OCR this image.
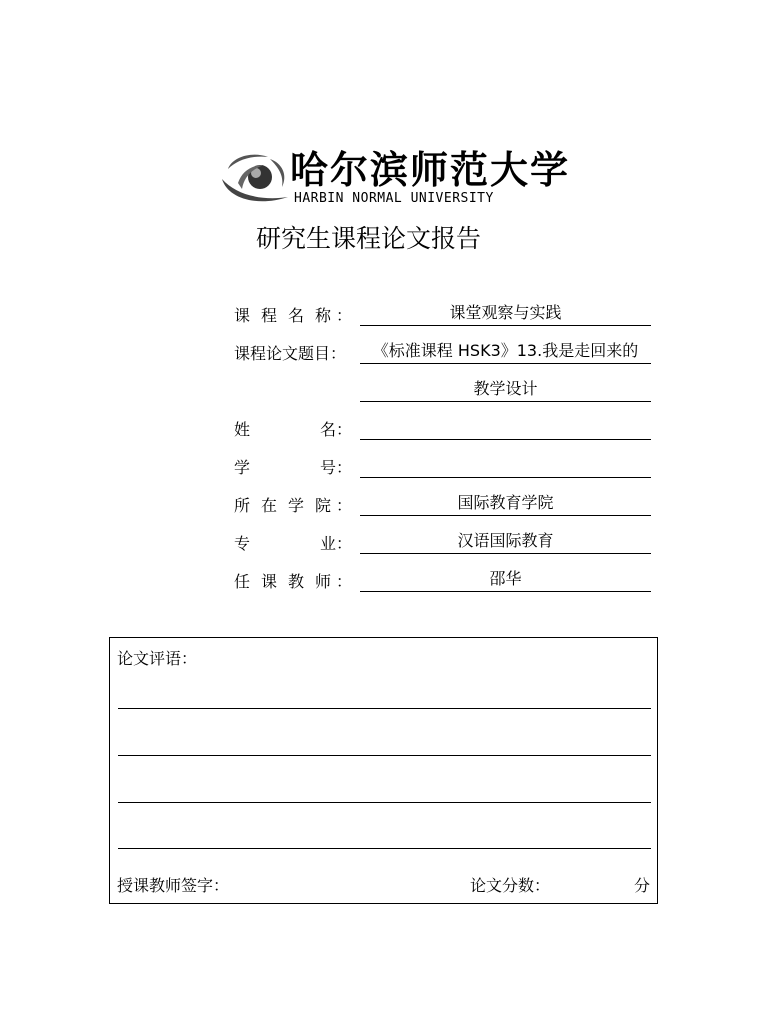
哈尔滨师范大学
HARBIN NORMAL UNIVERSITY
研究生课程论文报告
课 程 名 称 ：	课堂观察与实践
课程论文题目：	《标准课程 HSK3》13.我是走回来的
教学设计
姓	名：
学	号：
所 在 学 院 ：	国际教育学院
专	业：	汉语国际教育
任 课 教 师 ：	邵华
论文评语：
授课教师签字：	论文分数：	分
